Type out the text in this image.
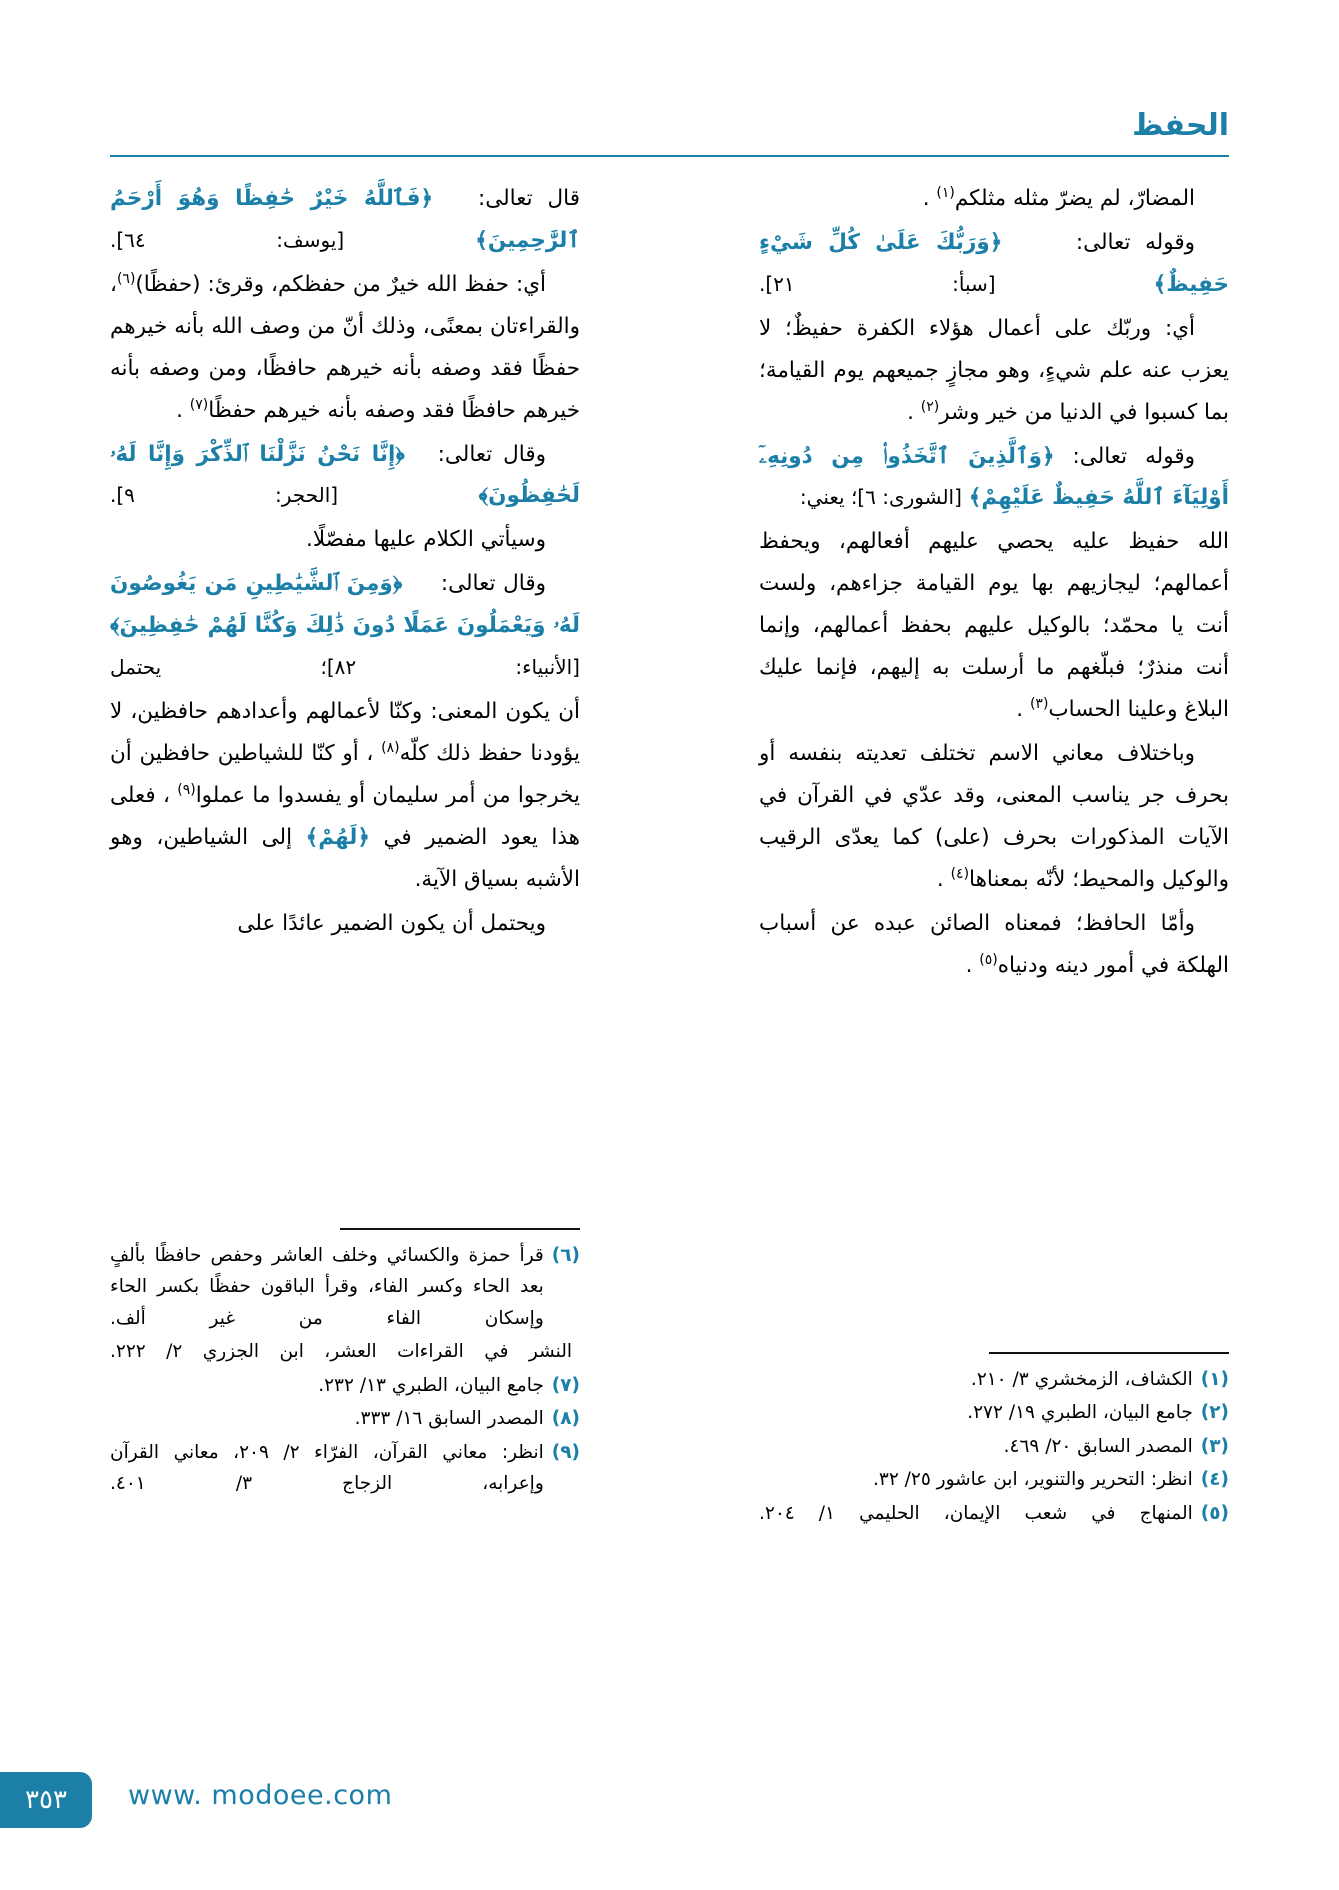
الحفظ

المضارّ، لم يضرّ مثله مثلكم$^{(١)}$ .

وقوله تعالى:     ﴿وَرَبُّكَ عَلَىٰ كُلِّ شَيْءٍ حَفِيظٌ﴾ [سبأ: ٢١].

أي: وربّك على أعمال هؤلاء الكفرة حفيظٌ؛ لا يعزب عنه علم شيءٍ، وهو مجازٍ جميعهم يوم القيامة؛ بما كسبوا في الدنيا من خير وشر$^{(٢)}$ .

وقوله تعالى: ﴿وَٱلَّذِينَ ٱتَّخَذُوا۟ مِن دُونِهِۦٓ أَوْلِيَآءَ ٱللَّهُ حَفِيظٌ عَلَيْهِمْ﴾ [الشورى: ٦]؛ يعني:

الله حفيظ عليه يحصي عليهم أفعالهم، ويحفظ أعمالهم؛ ليجازيهم بها يوم القيامة جزاءهم، ولست أنت يا محمّد؛ بالوكيل عليهم بحفظ أعمالهم، وإنما أنت منذرٌ؛ فبلّغهم ما أرسلت به إليهم، فإنما عليك البلاغ وعلينا الحساب$^{(٣)}$ .

وباختلاف معاني الاسم تختلف تعديته بنفسه أو بحرف جر يناسب المعنى، وقد عدّي في القرآن في الآيات المذكورات بحرف (على) كما يعدّى الرقيب والوكيل والمحيط؛ لأنّه بمعناها$^{(٤)}$ .

وأمّا الحافظ؛ فمعناه الصائن عبده عن أسباب الهلكة في أمور دينه ودنياه$^{(٥)}$ .

قال تعالى:   ﴿فَٱللَّهُ خَيْرٌ حَٰفِظًا وَهُوَ أَرْحَمُ ٱلرَّٰحِمِينَ﴾ [يوسف: ٦٤].

أي: حفظ الله خيرٌ من حفظكم، وقرئ: (حفظًا)$^{(٦)}$، والقراءتان بمعنًى، وذلك أنّ من وصف الله بأنه خيرهم حفظًا فقد وصفه بأنه خيرهم حافظًا، ومن وصفه بأنه خيرهم حافظًا فقد وصفه بأنه خيرهم حفظًا$^{(٧)}$ .

وقال تعالى:   ﴿إِنَّا نَحْنُ نَزَّلْنَا ٱلذِّكْرَ وَإِنَّا لَهُۥ لَحَٰفِظُونَ﴾ [الحجر: ٩].

وسيأتي الكلام عليها مفصّلًا.

وقال تعالى:     ﴿وَمِنَ ٱلشَّيَٰطِينِ مَن يَغُوصُونَ لَهُۥ وَيَعْمَلُونَ عَمَلًا دُونَ ذَٰلِكَ وَكُنَّا لَهُمْ حَٰفِظِينَ﴾ [الأنبياء: ٨٢]؛ يحتمل

أن يكون المعنى: وكنّا لأعمالهم وأعدادهم حافظين، لا يؤودنا حفظ ذلك كلّه$^{(٨)}$ ، أو كنّا للشياطين حافظين أن يخرجوا من أمر سليمان أو يفسدوا ما عملوا$^{(٩)}$ ، فعلى هذا يعود الضمير في ﴿لَهُمْ﴾ إلى الشياطين، وهو الأشبه بسياق الآية.

ويحتمل أن يكون الضمير عائدًا على

(١)
الكشاف، الزمخشري ٣/ ٢١٠.
(٢)
جامع البيان، الطبري ١٩/ ٢٧٢.
(٣)
المصدر السابق ٢٠/ ٤٦٩.
(٤)
انظر: التحرير والتنوير، ابن عاشور ٢٥/ ٣٢.
(٥)
المنهاج في شعب الإيمان، الحليمي ١/ ٢٠٤.
(٦)
قرأ حمزة والكسائي وخلف العاشر وحفص حافظًا بألفٍ بعد الحاء وكسر الفاء، وقرأ الباقون حفظًا بكسر الحاء وإسكان الفاء من غير ألف.
النشر في القراءات العشر، ابن الجزري ٢/ ٢٢٢.
(٧)
جامع البيان، الطبري ١٣/ ٢٣٢.
(٨)
المصدر السابق ١٦/ ٣٣٣.
(٩)
انظر: معاني القرآن، الفرّاء ٢/ ٢٠٩، معاني القرآن وإعرابه، الزجاج ٣/ ٤٠١.
٣٥٣	www. modoee.com
